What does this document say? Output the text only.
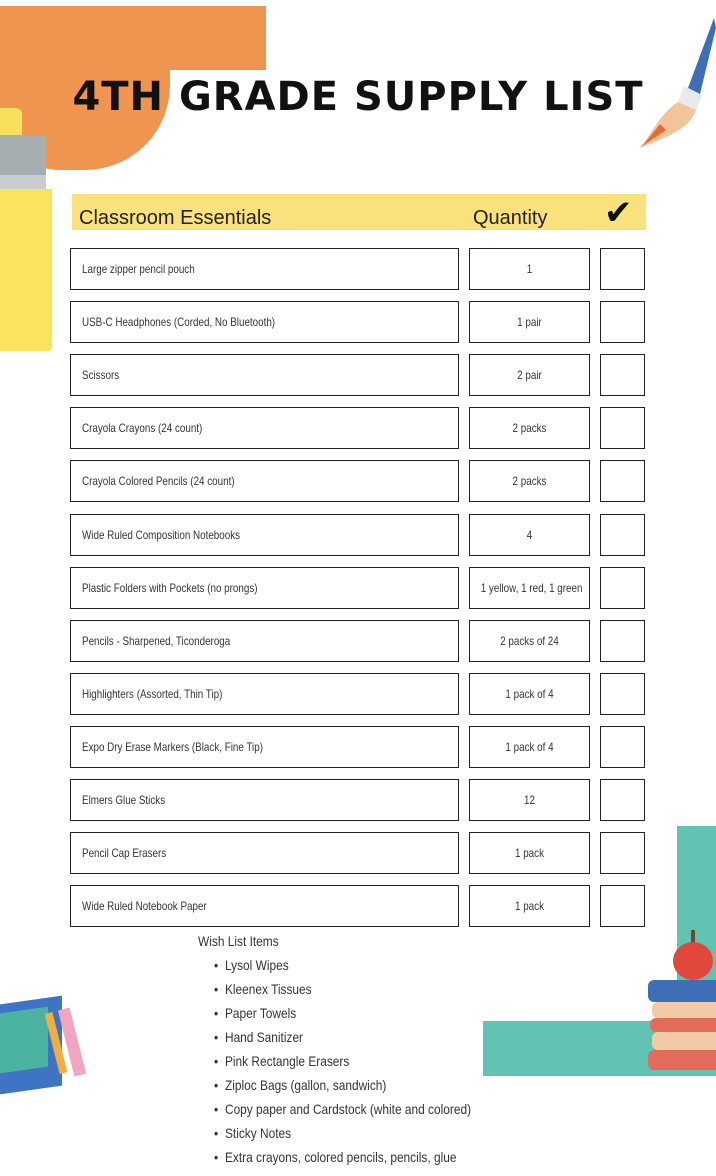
4TH GRADE SUPPLY LIST
Classroom Essentials	Quantity ✔
Large zipper pencil pouch	1
USB-C Headphones (Corded, No Bluetooth)	1 pair
Scissors	2 pair
Crayola Crayons (24 count)	2 packs
Crayola Colored Pencils (24 count)	2 packs
Wide Ruled Composition Notebooks	4
Plastic Folders with Pockets (no prongs)	1 yellow, 1 red, 1 green
Pencils - Sharpened, Ticonderoga	2 packs of 24
Highlighters (Assorted, Thin Tip)	1 pack of 4
Expo Dry Erase Markers (Black, Fine Tip)	1 pack of 4
Elmers Glue Sticks	12
Pencil Cap Erasers	1 pack
Wide Ruled Notebook Paper	1 pack
Wish List Items
• Lysol Wipes
• Kleenex Tissues
• Paper Towels
• Hand Sanitizer
• Pink Rectangle Erasers
• Ziploc Bags (gallon, sandwich)
• Copy paper and Cardstock (white and colored)
• Sticky Notes
• Extra crayons, colored pencils, pencils, glue
